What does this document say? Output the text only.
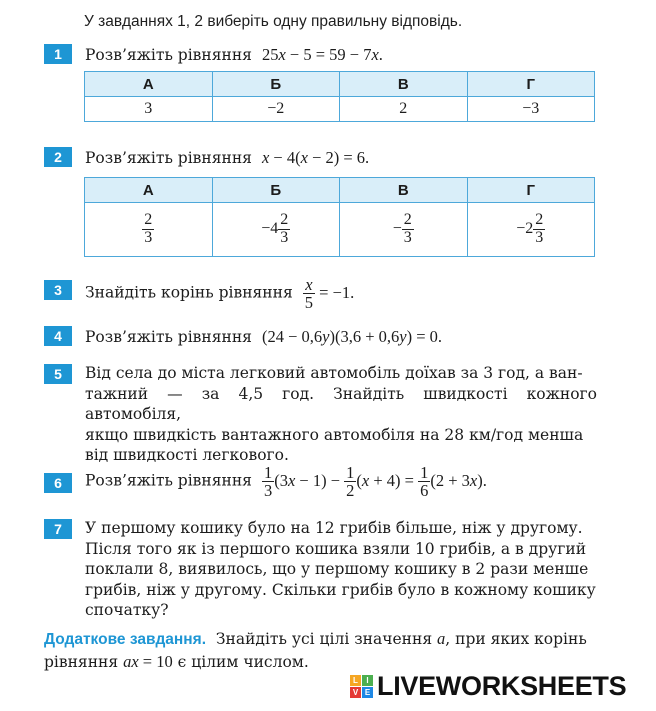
У завданнях 1, 2 виберіть одну правильну відповідь.
1	Розв’яжіть рівняння 25x − 5 = 59 − 7x.
А	Б	В	Г
3	−2	2	−3
2	Розв’яжіть рівняння x − 4(x − 2) = 6.
А	Б	В	Г

$\frac{2}{3}$	$-4 \frac{2}{3}$	− $\frac{2}{3}$	$-2 \frac{2}{3}$
3	Знайдіть корінь рівняння $\frac{x}{5} = -1$.
4	Розв’яжіть рівняння (24 − 0,6y)(3,6 + 0,6y) = 0.
5	Від села до міста легковий автомобіль доїхав за 3 год, а ван-
тажний — за 4,5 год. Знайдіть швидкості кожного автомобіля,
якщо швидкість вантажного автомобіля на 28 км/год менша
від швидкості легкового.
6	Розв’яжіть рівняння $\frac{1}{3} (3x - 1) - \frac{1}{2} (x + 4) = \frac{1}{6} (2 + 3x)$.
7	У першому кошику було на 12 грибів більше, ніж у другому.
Після того як із першого кошика взяли 10 грибів, а в другий
поклали 8, виявилось, що у першому кошику в 2 рази менше
грибів, ніж у другому. Скільки грибів було в кожному кошику
спочатку?
Додаткове завдання. Знайдіть усі цілі значення a, при яких корінь
рівняння ax = 10 є цілим числом.
L	I
V E LIVEWORKSHEETS
